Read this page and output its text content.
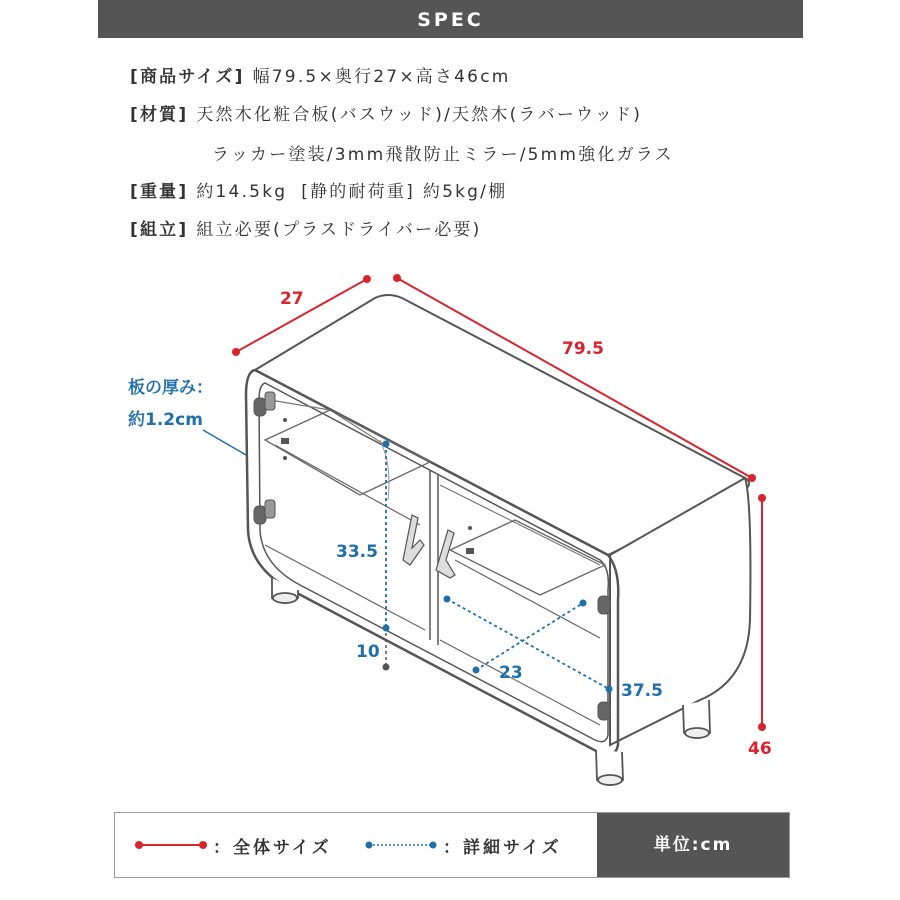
SPEC
[商品サイズ] 幅79.5×奥行27×高さ46cm
[材質] 天然木化粧合板(バスウッド)/天然木(ラバーウッド)
ラッカー塗装/3mm飛散防止ミラー/5mm強化ガラス
[重量] 約14.5kg [静的耐荷重] 約5kg/棚
[組立] 組立必要(プラスドライバー必要)
27
79.5
46
33.5
10
23
37.5
板の厚み：
約1.2cm
：全体サイズ	：詳細サイズ	単位:cm
